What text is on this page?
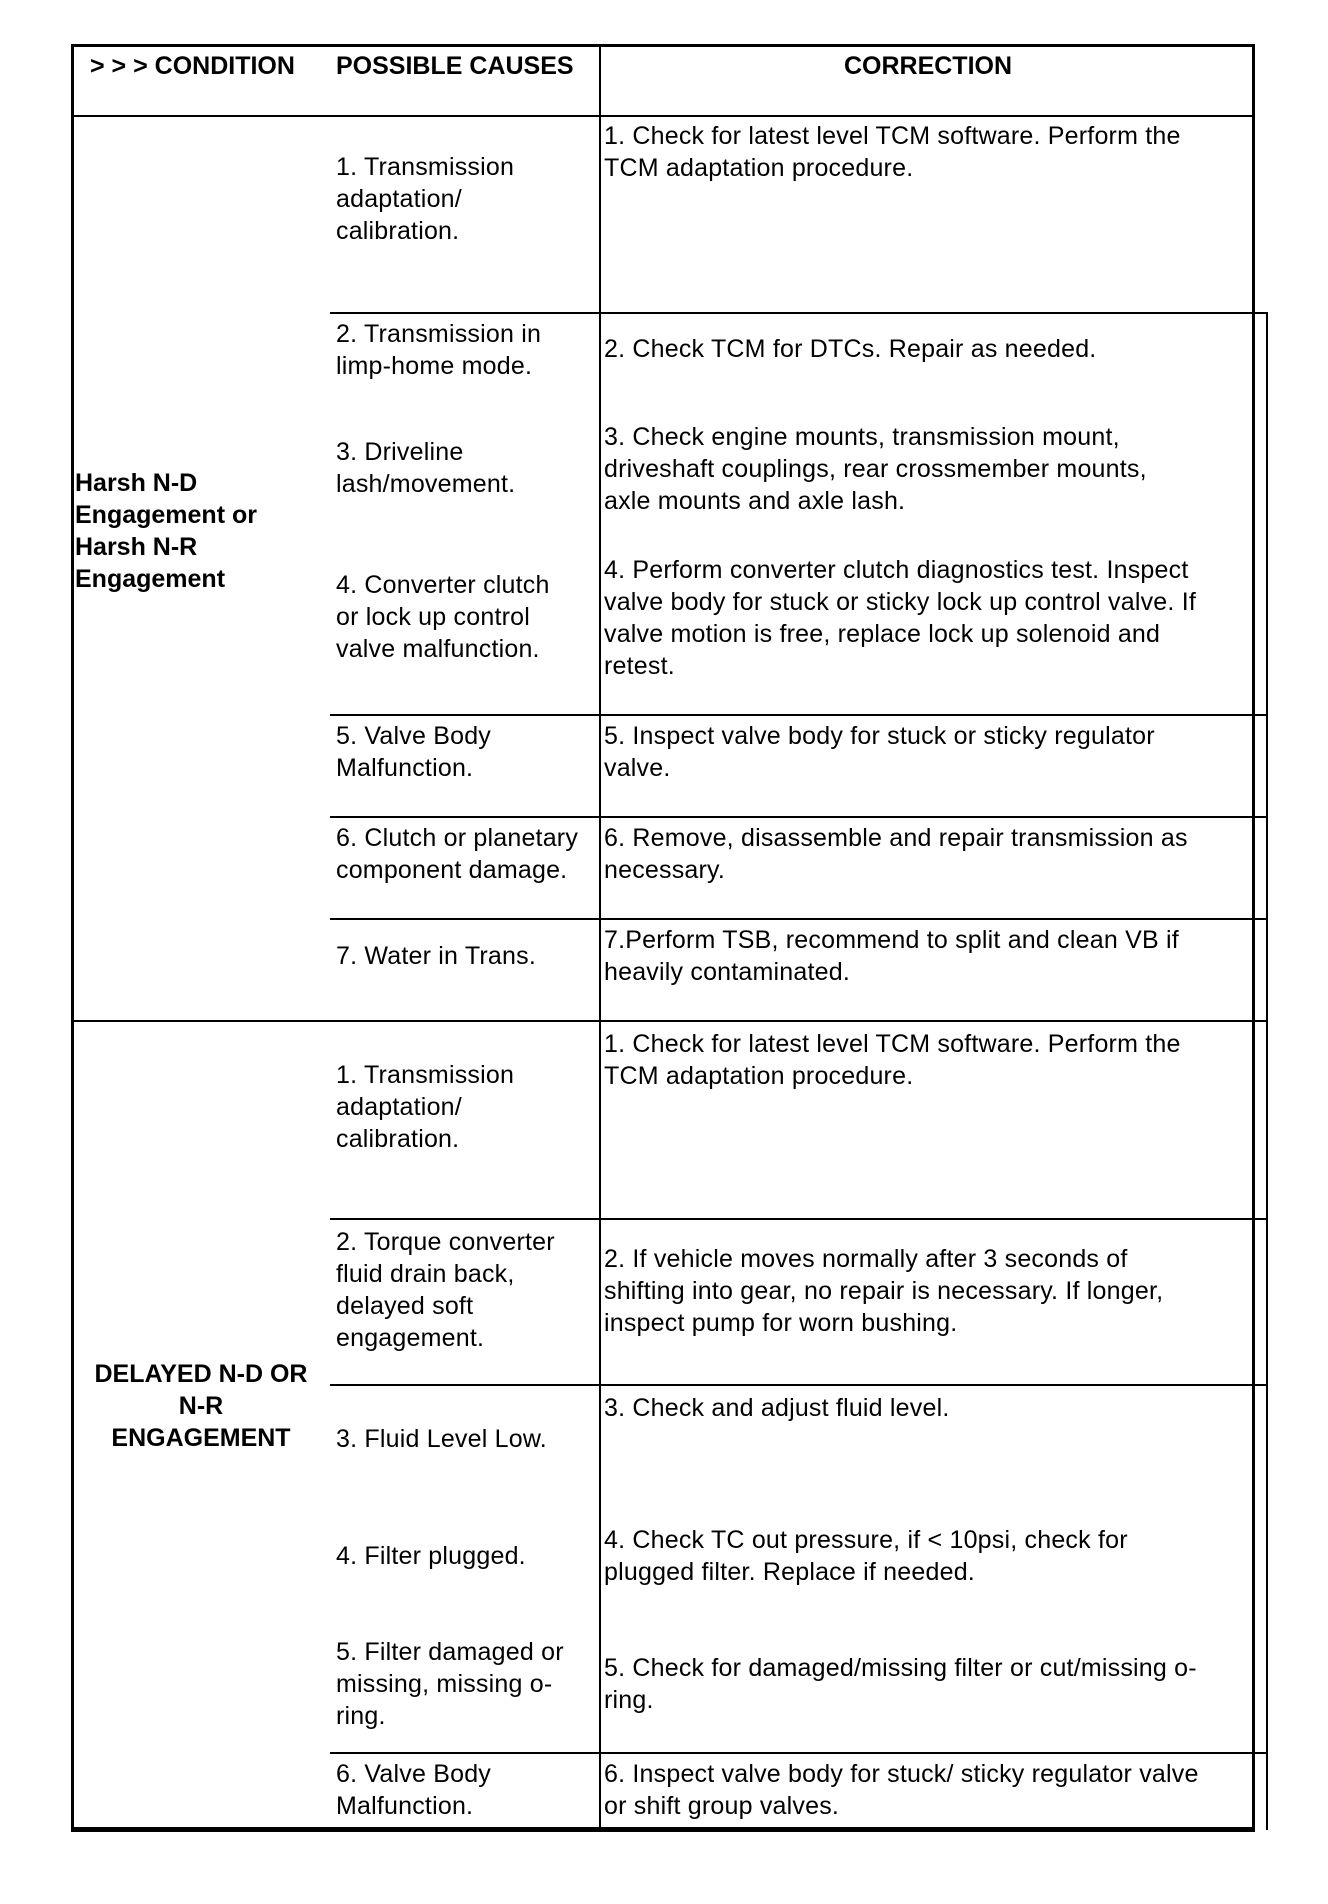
> > > CONDITION POSSIBLE CAUSES	CORRECTION
Harsh N-D
Engagement or
Harsh N-R
Engagement
1. Transmission
adaptation/
calibration.
1. Check for latest level TCM software. Perform the
TCM adaptation procedure.
2. Transmission in
limp-home mode.
2. Check TCM for DTCs. Repair as needed.
3. Driveline
lash/movement.
3. Check engine mounts, transmission mount,
driveshaft couplings, rear crossmember mounts,
axle mounts and axle lash.
4. Converter clutch
or lock up control
valve malfunction.
4. Perform converter clutch diagnostics test. Inspect
valve body for stuck or sticky lock up control valve. If
valve motion is free, replace lock up solenoid and
retest.
5. Valve Body
Malfunction.
5. Inspect valve body for stuck or sticky regulator
valve.
6. Clutch or planetary
component damage.
6. Remove, disassemble and repair transmission as
necessary.
7. Water in Trans.
7.Perform TSB, recommend to split and clean VB if
heavily contaminated.
DELAYED N-D OR
N-R
ENGAGEMENT
1. Transmission
adaptation/
calibration.
1. Check for latest level TCM software. Perform the
TCM adaptation procedure.
2. Torque converter
fluid drain back,
delayed soft
engagement.
2. If vehicle moves normally after 3 seconds of
shifting into gear, no repair is necessary. If longer,
inspect pump for worn bushing.
3. Fluid Level Low.
3. Check and adjust fluid level.
4. Filter plugged.
4. Check TC out pressure, if < 10psi, check for
plugged filter. Replace if needed.
5. Filter damaged or
missing, missing o-
ring.
5. Check for damaged/missing filter or cut/missing o-
ring.
6. Valve Body
Malfunction.
6. Inspect valve body for stuck/ sticky regulator valve
or shift group valves.
